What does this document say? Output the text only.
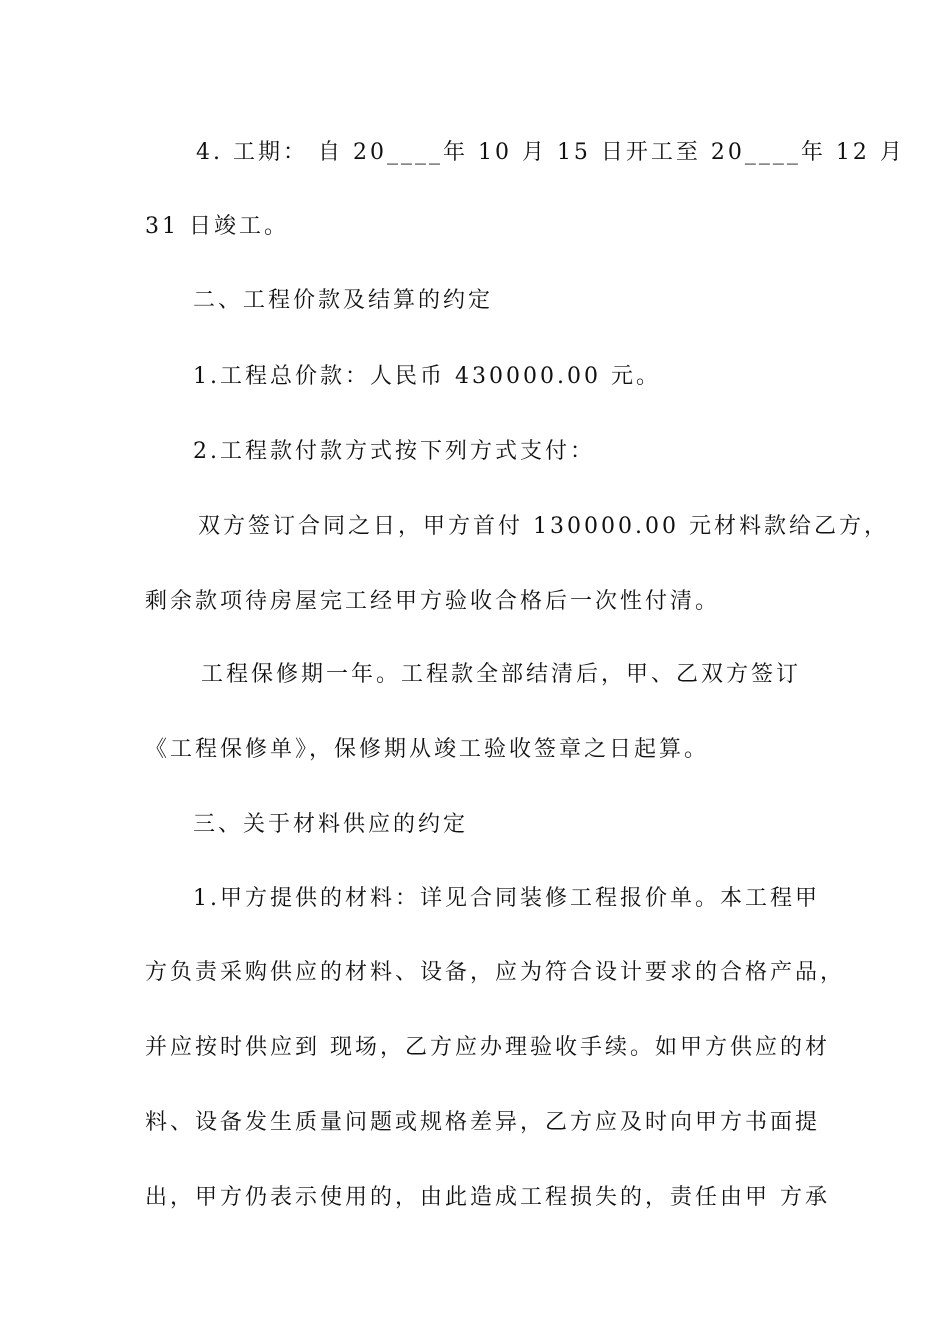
4. 工期： 自 20____年 10 月 15 日开工至 20____年 12 月
31 日竣工。
二、工程价款及结算的约定
1.工程总价款：人民币 430000.00 元。
2.工程款付款方式按下列方式支付：
双方签订合同之日，甲方首付 130000.00 元材料款给乙方，
剩余款项待房屋完工经甲方验收合格后一次性付清。
工程保修期一年。工程款全部结清后，甲、乙双方签订
《工程保修单》，保修期从竣工验收签章之日起算。
三、关于材料供应的约定
1.甲方提供的材料：详见合同装修工程报价单。本工程甲
方负责采购供应的材料、设备，应为符合设计要求的合格产品，
并应按时供应到 现场，乙方应办理验收手续。如甲方供应的材
料、设备发生质量问题或规格差异，乙方应及时向甲方书面提
出，甲方仍表示使用的，由此造成工程损失的，责任由甲 方承
